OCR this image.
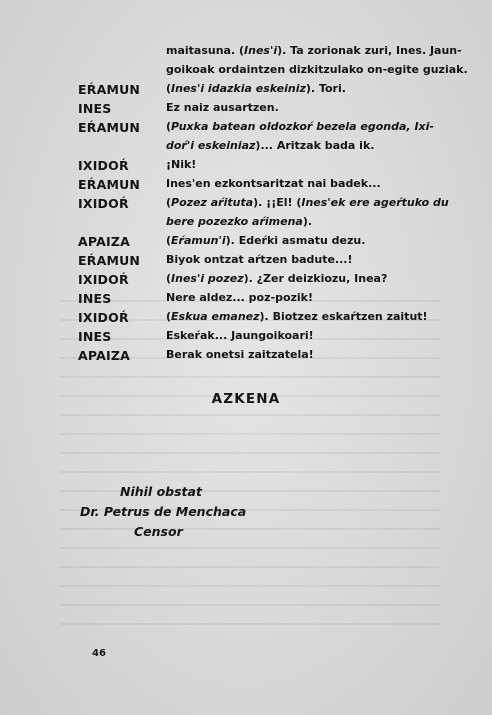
maitasuna. (Ines'i). Ta zorionak zuri, Ines. Jaun-
goikoak ordaintzen dizkitzulako on-egite guziak.
EŔAMUN (Ines'i idazkia eskeiniz). Tori.
INES	Ez naiz ausartzen.
EŔAMUN (Puxka batean oldozkoŕ bezela egonda, Ixi-
doŕ'i eskeiniaz)... Aritzak bada ik.
IXIDOŔ	¡Nik!
EŔAMUN Ines'en ezkontsaritzat nai badek...
IXIDOŔ	(Pozez aŕituta). ¡¡El! (Ines'ek ere ageŕtuko du
bere pozezko aŕimena).
APAIZA	(Eŕamun'i). Edeŕki asmatu dezu.
EŔAMUN Biyok ontzat aŕtzen badute...!
IXIDOŔ	(Ines'i pozez). ¿Zer deizkiozu, Inea?
INES	Nere aldez... poz-pozik!
IXIDOŔ	(Eskua emanez). Biotzez eskaŕtzen zaitut!
INES	Eskeŕak... Jaungoikoari!
APAIZA	Berak onetsi zaitzatela!
AZKENA
Nihil obstat
Dr. Petrus de Menchaca
Censor
46
